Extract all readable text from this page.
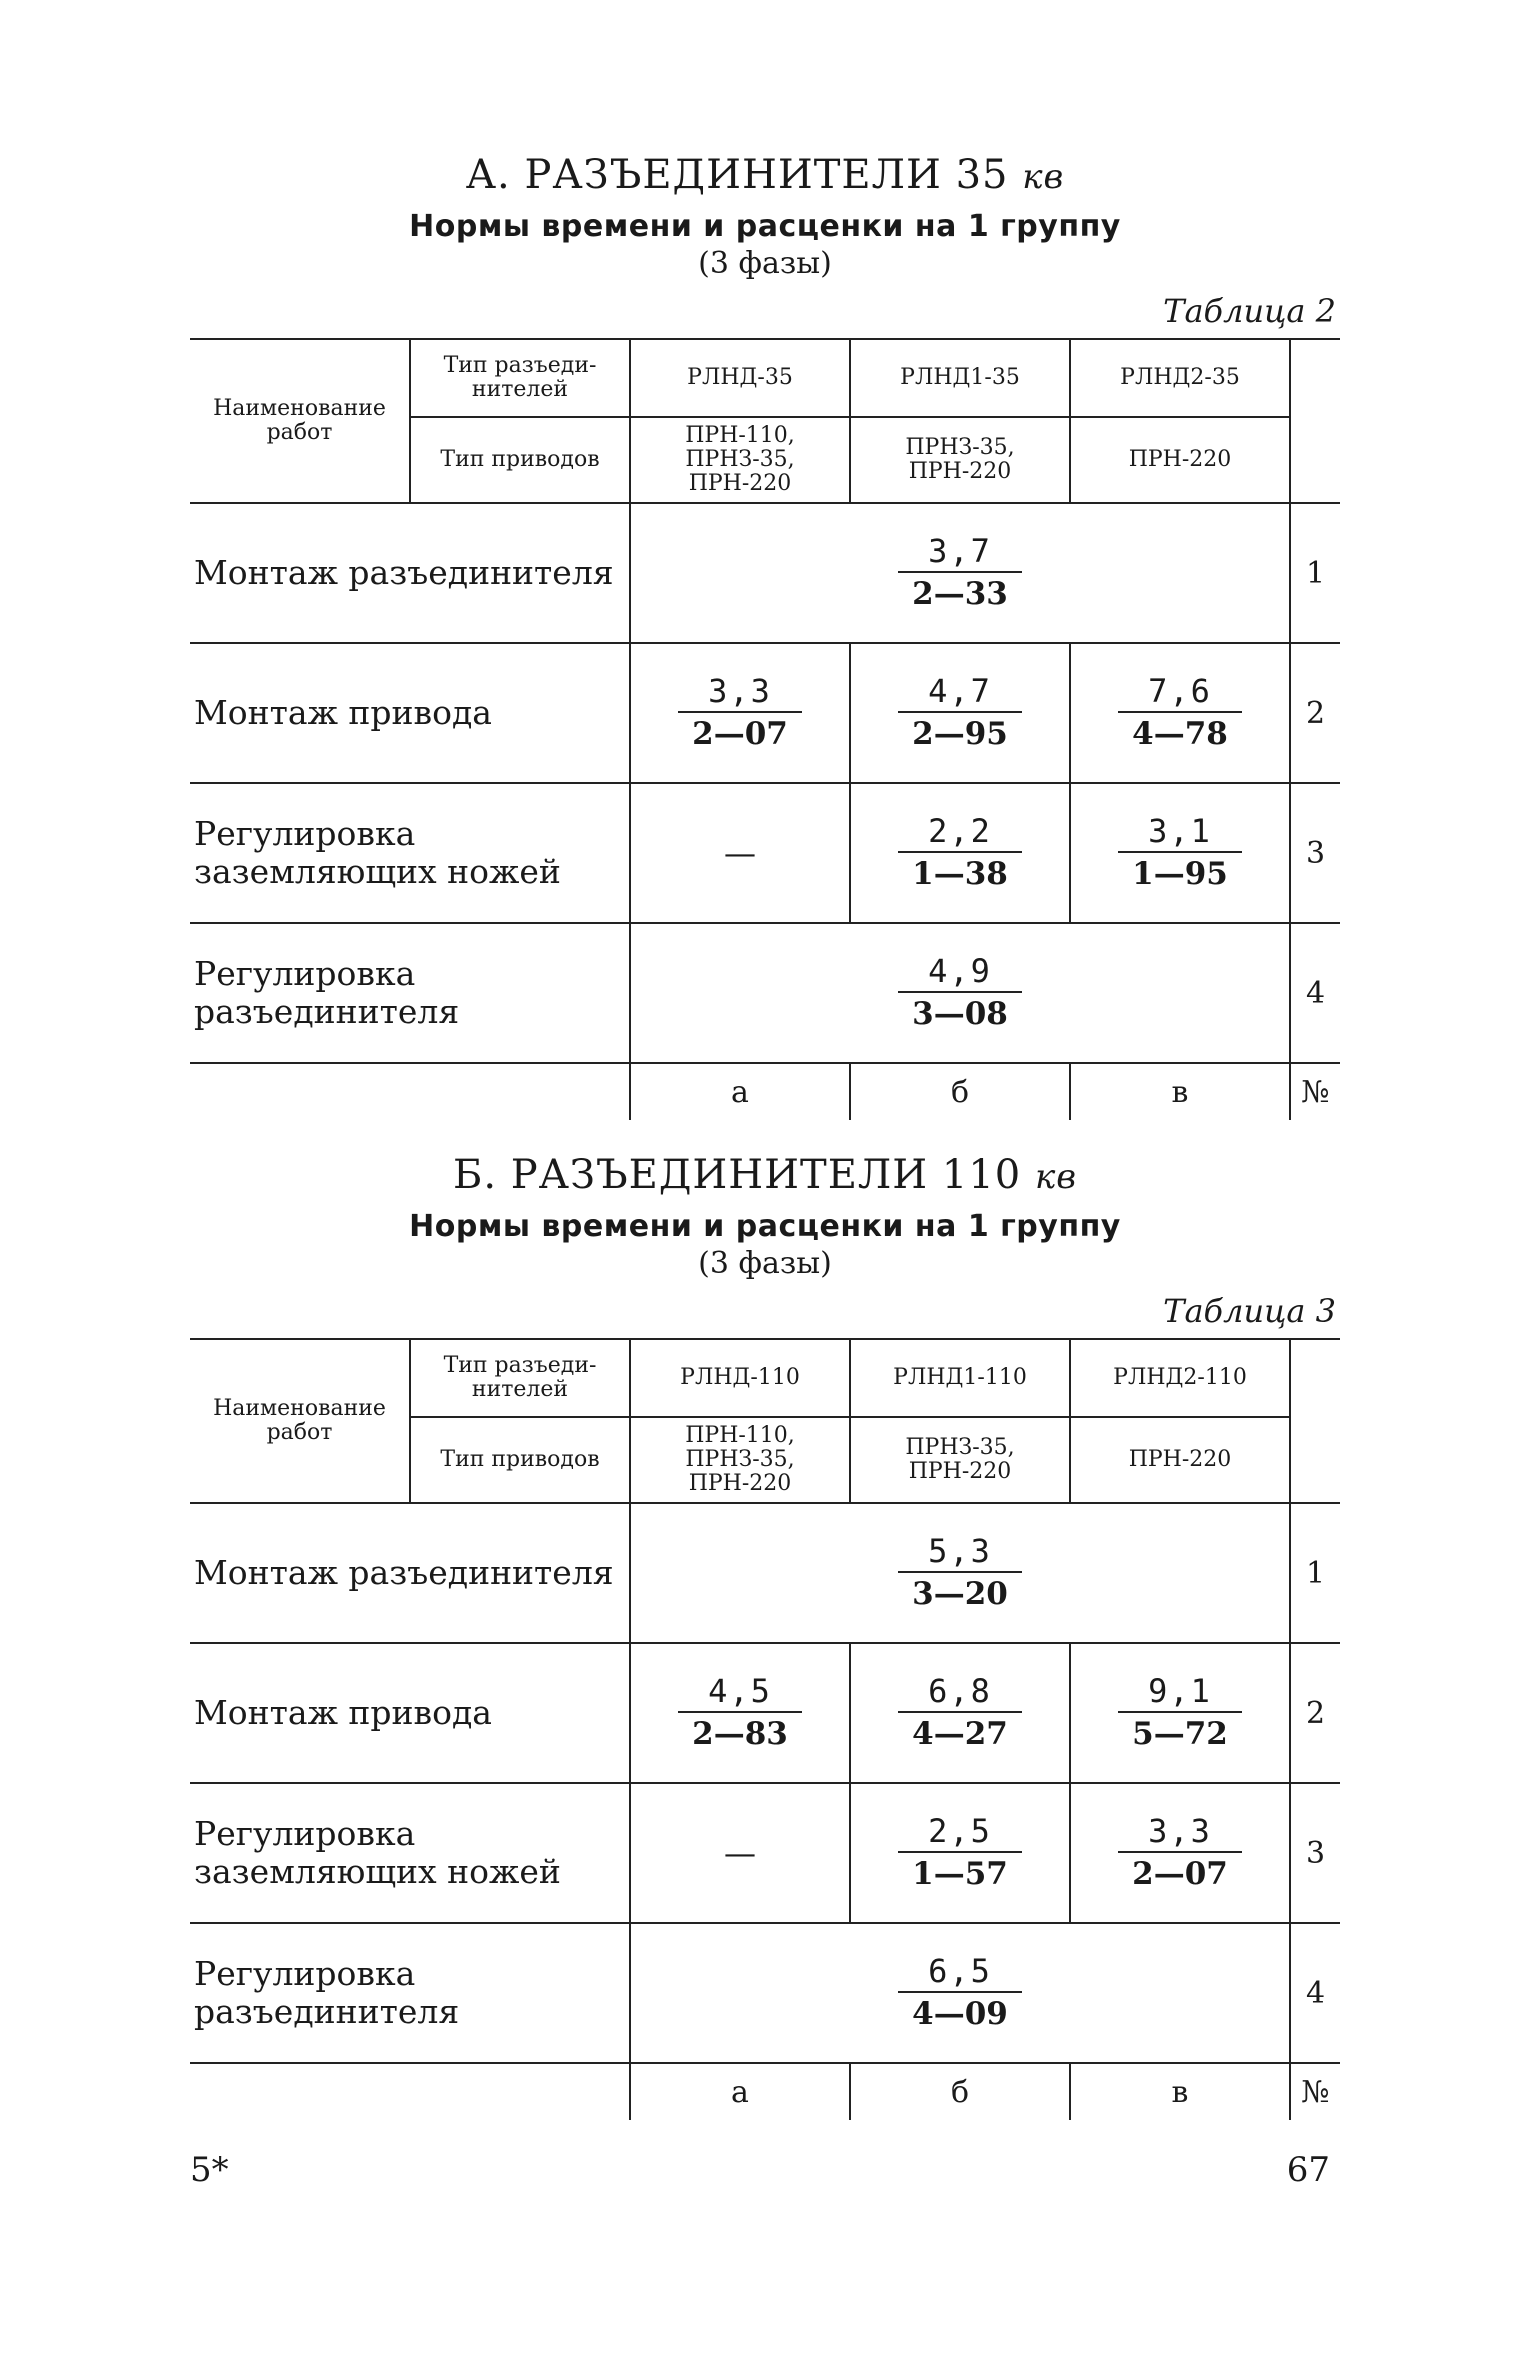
А. РАЗЪЕДИНИТЕЛИ 35 кв

Нормы времени и расценки на 1 группу

(3 фазы)

Таблица 2
Наименование работ	Тип разъеди-нителей	РЛНД-35	РЛНД1-35	РЛНД2-35	
	Тип приводов	ПРН-110, ПРНЗ-35, ПРН-220	ПРНЗ-35, ПРН-220	ПРН-220	
Монтаж разъединителя		$\frac{3,7}{2—33}$			1
Монтаж привода		$\frac{3,3}{2—07}$	$\frac{4,7}{2—95}$	$\frac{7,6}{4—78}$	2
Регулировка заземляющих ножей		—	$\frac{2,2}{1—38}$	$\frac{3,1}{1—95}$	3
Регулировка разъединителя		$\frac{4,9}{3—08}$			4
		а	б	в	№

Б. РАЗЪЕДИНИТЕЛИ 110 кв

Нормы времени и расценки на 1 группу

(3 фазы)

Таблица 3
Наименование работ	Тип разъеди-нителей	РЛНД-110	РЛНД1-110	РЛНД2-110	
	Тип приводов	ПРН-110, ПРНЗ-35, ПРН-220	ПРНЗ-35, ПРН-220	ПРН-220	
Монтаж разъединителя		$\frac{5,3}{3—20}$			1
Монтаж привода		$\frac{4,5}{2—83}$	$\frac{6,8}{4—27}$	$\frac{9,1}{5—72}$	2
Регулировка заземляющих ножей		—	$\frac{2,5}{1—57}$	$\frac{3,3}{2—07}$	3
Регулировка разъединителя		$\frac{6,5}{4—09}$			4
		а	б	в	№
5*	67
